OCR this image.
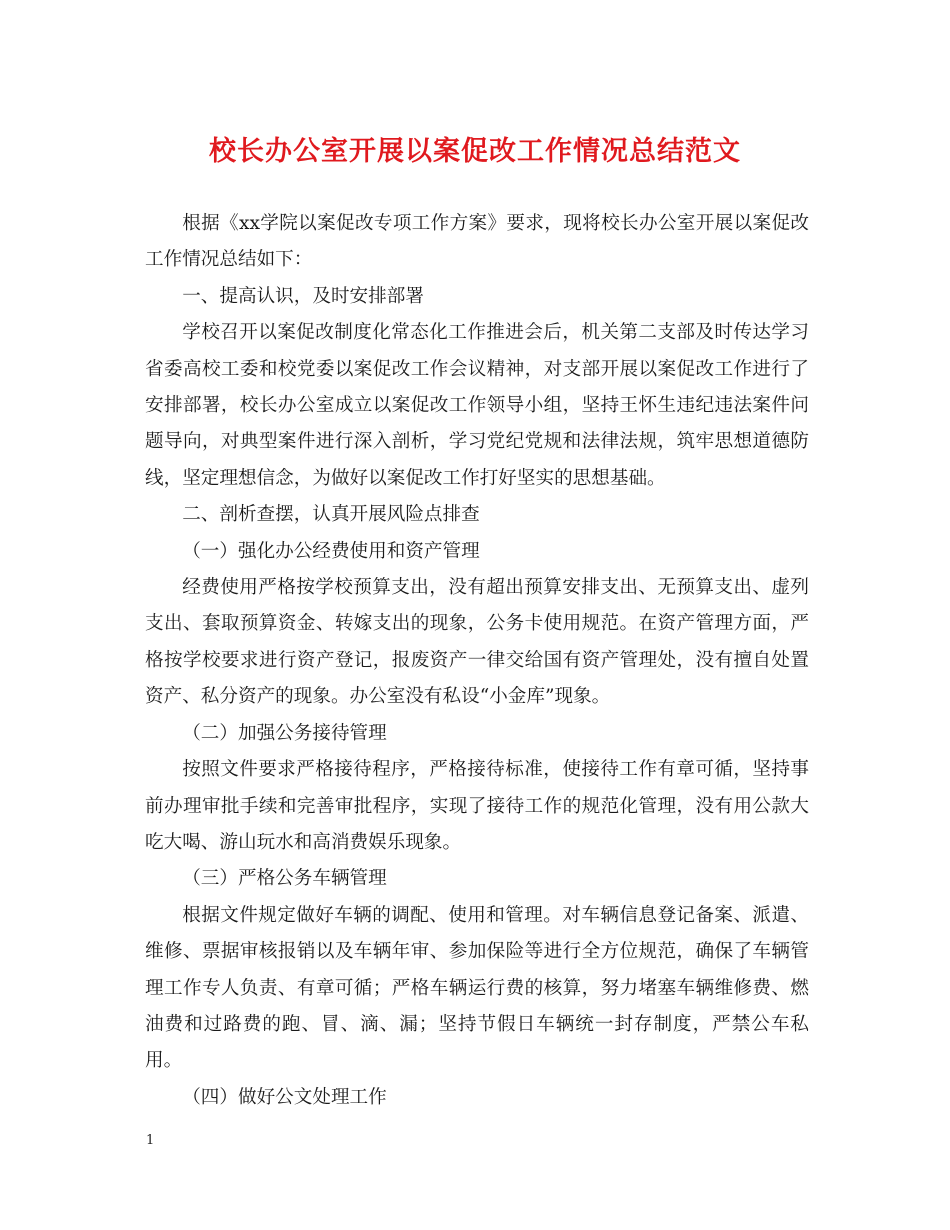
校长办公室开展以案促改工作情况总结范文

根据《xx学院以案促改专项工作方案》要求，现将校长办公室开展以案促改工作情况总结如下：

一、提高认识，及时安排部署

学校召开以案促改制度化常态化工作推进会后，机关第二支部及时传达学习省委高校工委和校党委以案促改工作会议精神，对支部开展以案促改工作进行了安排部署，校长办公室成立以案促改工作领导小组，坚持王怀生违纪违法案件问题导向，对典型案件进行深入剖析，学习党纪党规和法律法规，筑牢思想道德防线，坚定理想信念，为做好以案促改工作打好坚实的思想基础。

二、剖析查摆，认真开展风险点排查

（一）强化办公经费使用和资产管理

经费使用严格按学校预算支出，没有超出预算安排支出、无预算支出、虚列支出、套取预算资金、转嫁支出的现象，公务卡使用规范。在资产管理方面，严格按学校要求进行资产登记，报废资产一律交给国有资产管理处，没有擅自处置资产、私分资产的现象。办公室没有私设“小金库”现象。

（二）加强公务接待管理

按照文件要求严格接待程序，严格接待标准，使接待工作有章可循，坚持事前办理审批手续和完善审批程序，实现了接待工作的规范化管理，没有用公款大吃大喝、游山玩水和高消费娱乐现象。

（三）严格公务车辆管理

根据文件规定做好车辆的调配、使用和管理。对车辆信息登记备案、派遣、维修、票据审核报销以及车辆年审、参加保险等进行全方位规范，确保了车辆管理工作专人负责、有章可循；严格车辆运行费的核算，努力堵塞车辆维修费、燃油费和过路费的跑、冒、滴、漏；坚持节假日车辆统一封存制度，严禁公车私用。

（四）做好公文处理工作

1
